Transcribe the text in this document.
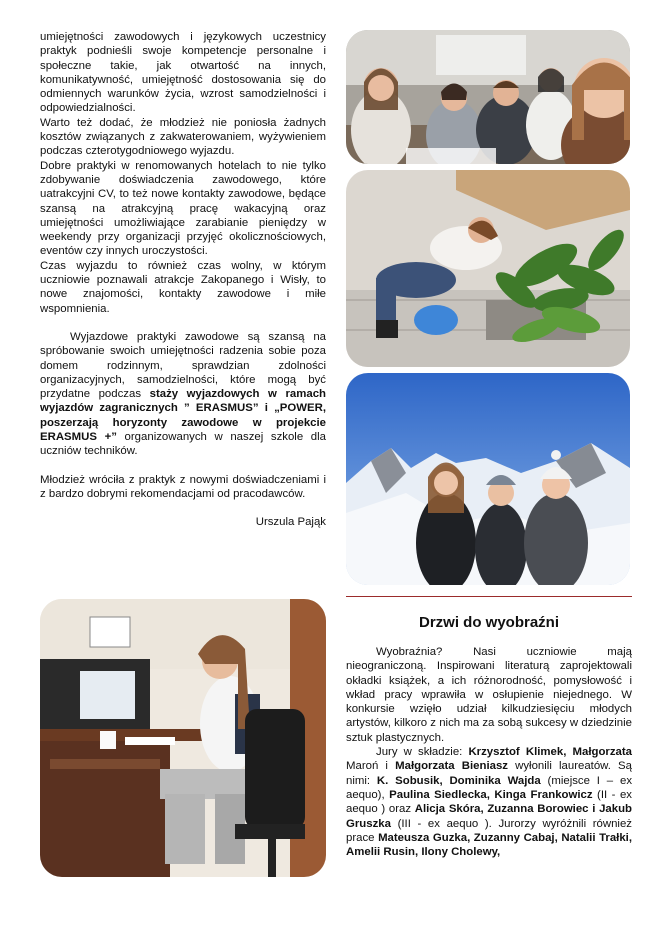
umiejętności zawodowych i językowych uczestnicy praktyk podnieśli swoje kompetencje personalne i społeczne takie, jak otwartość na innych, komunikatywność, umiejętność dostosowania się do odmiennych warunków życia, wzrost samodzielności i odpowiedzialności.

Warto też dodać, że młodzież nie poniosła żadnych kosztów związanych z zakwaterowaniem, wyżywieniem podczas czterotygodniowego wyjazdu.

Dobre praktyki w renomowanych hotelach to nie tylko zdobywanie doświadczenia zawodowego, które uatrakcyjni CV, to też nowe kontakty zawodowe, będące szansą na atrakcyjną pracę wakacyjną oraz umiejętności umożliwiające zarabianie pieniędzy w weekendy przy organizacji przyjęć okolicznościowych, eventów czy innych uroczystości.

Czas wyjazdu to również czas wolny, w którym uczniowie poznawali atrakcje Zakopanego i Wisły, to nowe znajomości, kontakty zawodowe i miłe wspomnienia.

Wyjazdowe praktyki zawodowe są szansą na spróbowanie swoich umiejętności radzenia sobie poza domem rodzinnym, sprawdzian zdolności organizacyjnych, samodzielności, które mogą być przydatne podczas staży wyjazdowych w ramach wyjazdów zagranicznych ” ERASMUS” i „POWER, poszerzają horyzonty zawodowe w projekcie ERASMUS +” organizowanych w naszej szkole dla uczniów techników.

Młodzież wróciła z praktyk z nowymi doświadczeniami i z bardzo dobrymi rekomendacjami od pracodawców.

Urszula Pająk

Drzwi do wyobraźni

Wyobraźnia? Nasi uczniowie mają nieograniczoną. Inspirowani literaturą zaprojektowali okładki książek, a ich różnorodność, pomysłowość i wkład pracy wprawiła w osłupienie niejednego. W konkursie wzięło udział kilkudziesięciu młodych artystów, kilkoro z nich ma za sobą sukcesy w dziedzinie sztuk plastycznych.

Jury w składzie: Krzysztof Klimek, Małgorzata Maroń i Małgorzata Bieniasz wyłonili laureatów. Są nimi: K. Sobusik, Dominika Wajda (miejsce I – ex aequo), Paulina Siedlecka, Kinga Frankowicz (II - ex aequo ) oraz Alicja Skóra, Zuzanna Borowiec i Jakub Gruszka (III - ex aequo ). Jurorzy wyróżnili również prace Mateusza Guzka, Zuzanny Cabaj, Natalii Trałki, Amelii Rusin, Ilony Cholewy,
